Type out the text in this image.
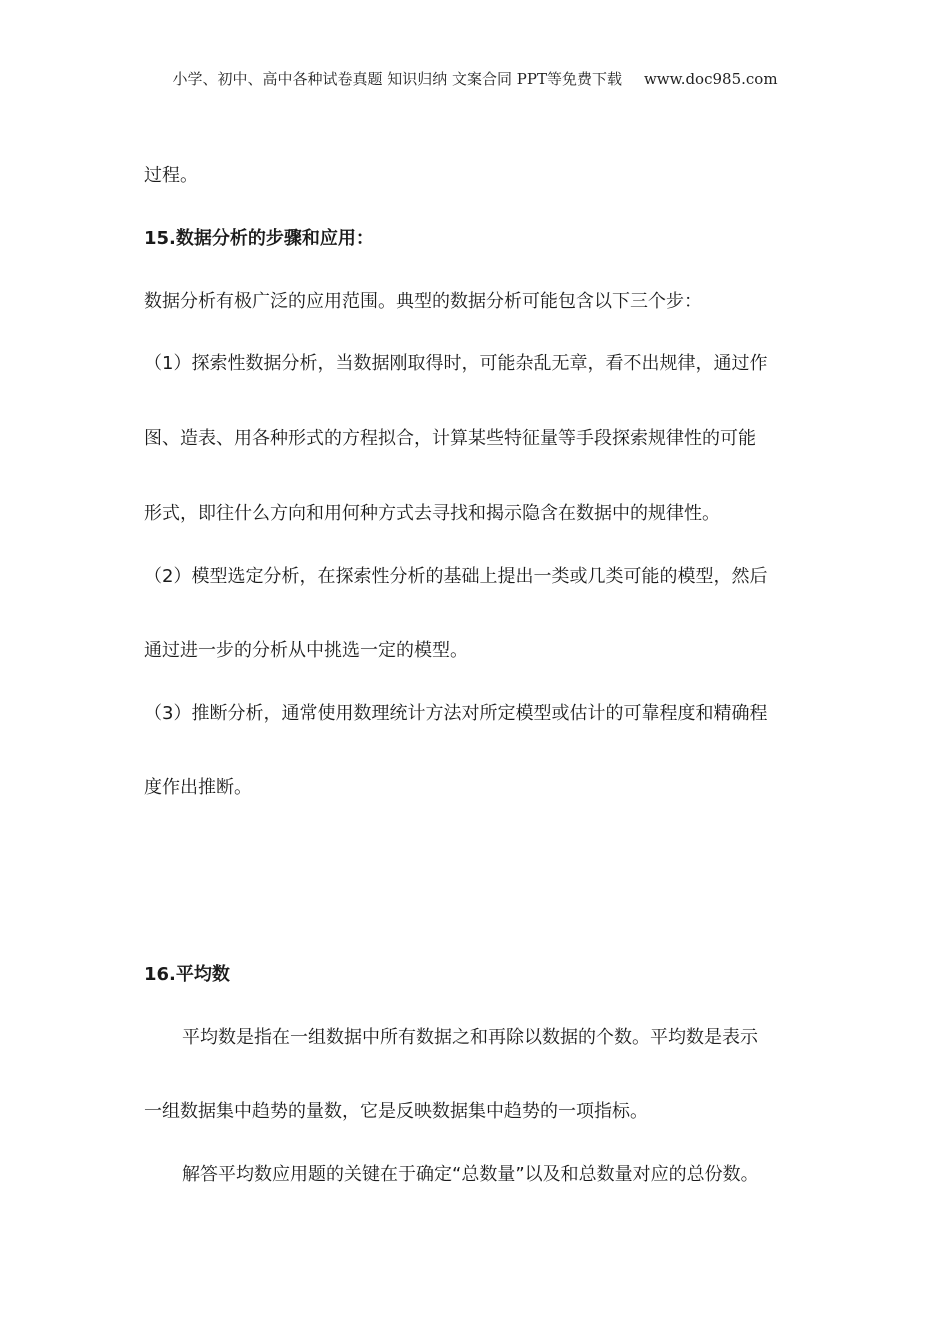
小学、初中、高中各种试卷真题 知识归纳 文案合同 PPT等免费下载 www.doc985.com
过程。
15.数据分析的步骤和应用：
数据分析有极广泛的应用范围。典型的数据分析可能包含以下三个步：
（1）探索性数据分析，当数据刚取得时，可能杂乱无章，看不出规律，通过作
图、造表、用各种形式的方程拟合，计算某些特征量等手段探索规律性的可能
形式，即往什么方向和用何种方式去寻找和揭示隐含在数据中的规律性。
（2）模型选定分析，在探索性分析的基础上提出一类或几类可能的模型，然后
通过进一步的分析从中挑选一定的模型。
（3）推断分析，通常使用数理统计方法对所定模型或估计的可靠程度和精确程
度作出推断。
16.平均数
平均数是指在一组数据中所有数据之和再除以数据的个数。平均数是表示
一组数据集中趋势的量数，它是反映数据集中趋势的一项指标。
解答平均数应用题的关键在于确定“总数量”以及和总数量对应的总份数。
